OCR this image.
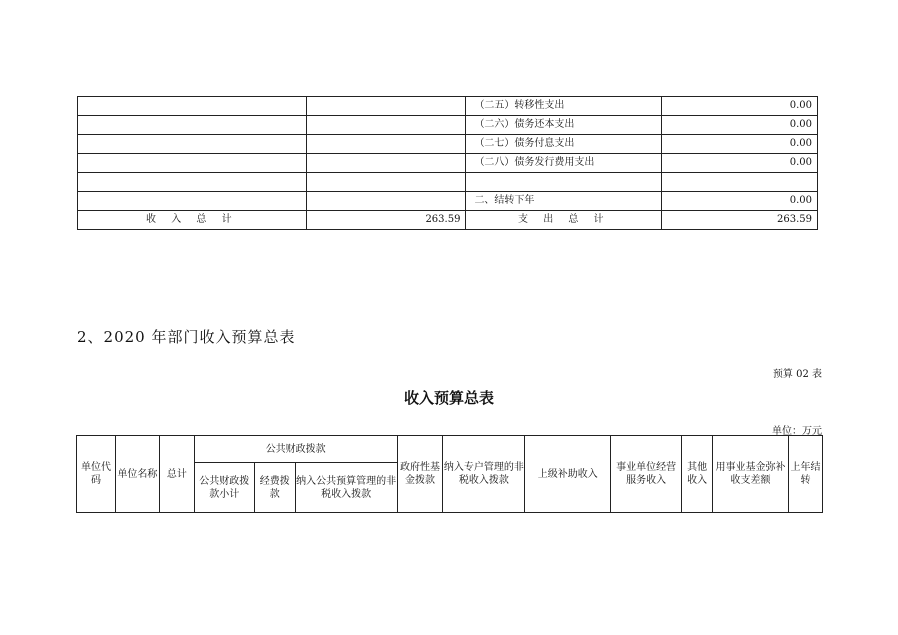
		（二五）转移性支出	0.00
		（二六）债务还本支出	0.00
		（二七）债务付息支出	0.00
		（二八）债务发行费用支出	0.00

		二、结转下年	0.00
收 入 总 计	263.59	支 出 总 计	263.59
2、2020 年部门收入预算总表
预算 02 表
收入预算总表
单位：万元
单位代码	单位名称	总计	公共财政拨款			政府性基金拨款	纳入专户管理的非税收入拨款	上级补助收入	事业单位经营服务收入	其他收入	用事业基金弥补收支差额	上年结转
			公共财政拨款小计	经费拨款	纳入公共预算管理的非税收入拨款							
